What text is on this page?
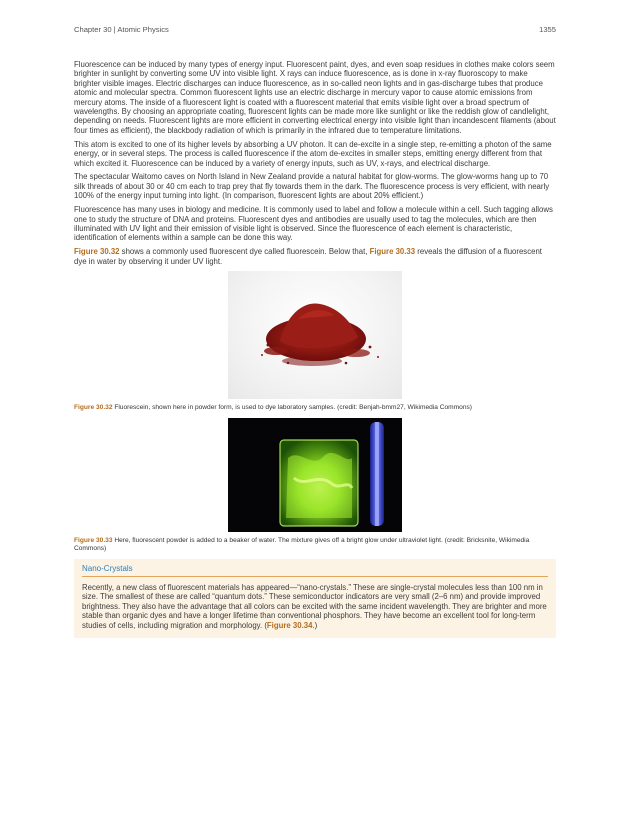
Chapter 30 | Atomic Physics	1355

Fluorescence can be induced by many types of energy input. Fluorescent paint, dyes, and even soap residues in clothes make colors seem brighter in sunlight by converting some UV into visible light. X rays can induce fluorescence, as is done in x-ray fluoroscopy to make brighter visible images. Electric discharges can induce fluorescence, as in so-called neon lights and in gas-discharge tubes that produce atomic and molecular spectra. Common fluorescent lights use an electric discharge in mercury vapor to cause atomic emissions from mercury atoms. The inside of a fluorescent light is coated with a fluorescent material that emits visible light over a broad spectrum of wavelengths. By choosing an appropriate coating, fluorescent lights can be made more like sunlight or like the reddish glow of candlelight, depending on needs. Fluorescent lights are more efficient in converting electrical energy into visible light than incandescent filaments (about four times as efficient), the blackbody radiation of which is primarily in the infrared due to temperature limitations.

This atom is excited to one of its higher levels by absorbing a UV photon. It can de-excite in a single step, re-emitting a photon of the same energy, or in several steps. The process is called fluorescence if the atom de-excites in smaller steps, emitting energy different from that which excited it. Fluorescence can be induced by a variety of energy inputs, such as UV, x-rays, and electrical discharge.

The spectacular Waitomo caves on North Island in New Zealand provide a natural habitat for glow-worms. The glow-worms hang up to 70 silk threads of about 30 or 40 cm each to trap prey that fly towards them in the dark. The fluorescence process is very efficient, with nearly 100% of the energy input turning into light. (In comparison, fluorescent lights are about 20% efficient.)

Fluorescence has many uses in biology and medicine. It is commonly used to label and follow a molecule within a cell. Such tagging allows one to study the structure of DNA and proteins. Fluorescent dyes and antibodies are usually used to tag the molecules, which are then illuminated with UV light and their emission of visible light is observed. Since the fluorescence of each element is characteristic, identification of elements within a sample can be done this way.

Figure 30.32 shows a commonly used fluorescent dye called fluorescein. Below that, Figure 30.33 reveals the diffusion of a fluorescent dye in water by observing it under UV light.

Figure 30.32 Fluorescein, shown here in powder form, is used to dye laboratory samples. (credit: Benjah-bmm27, Wikimedia Commons)
Figure 30.33 Here, fluorescent powder is added to a beaker of water. The mixture gives off a bright glow under ultraviolet light. (credit: Bricksnite, Wikimedia Commons)
Nano-Crystals

Recently, a new class of fluorescent materials has appeared—“nano-crystals.” These are single-crystal molecules less than 100 nm in size. The smallest of these are called “quantum dots.” These semiconductor indicators are very small (2–6 nm) and provide improved brightness. They also have the advantage that all colors can be excited with the same incident wavelength. They are brighter and more stable than organic dyes and have a longer lifetime than conventional phosphors. They have become an excellent tool for long-term studies of cells, including migration and morphology. (Figure 30.34.)
